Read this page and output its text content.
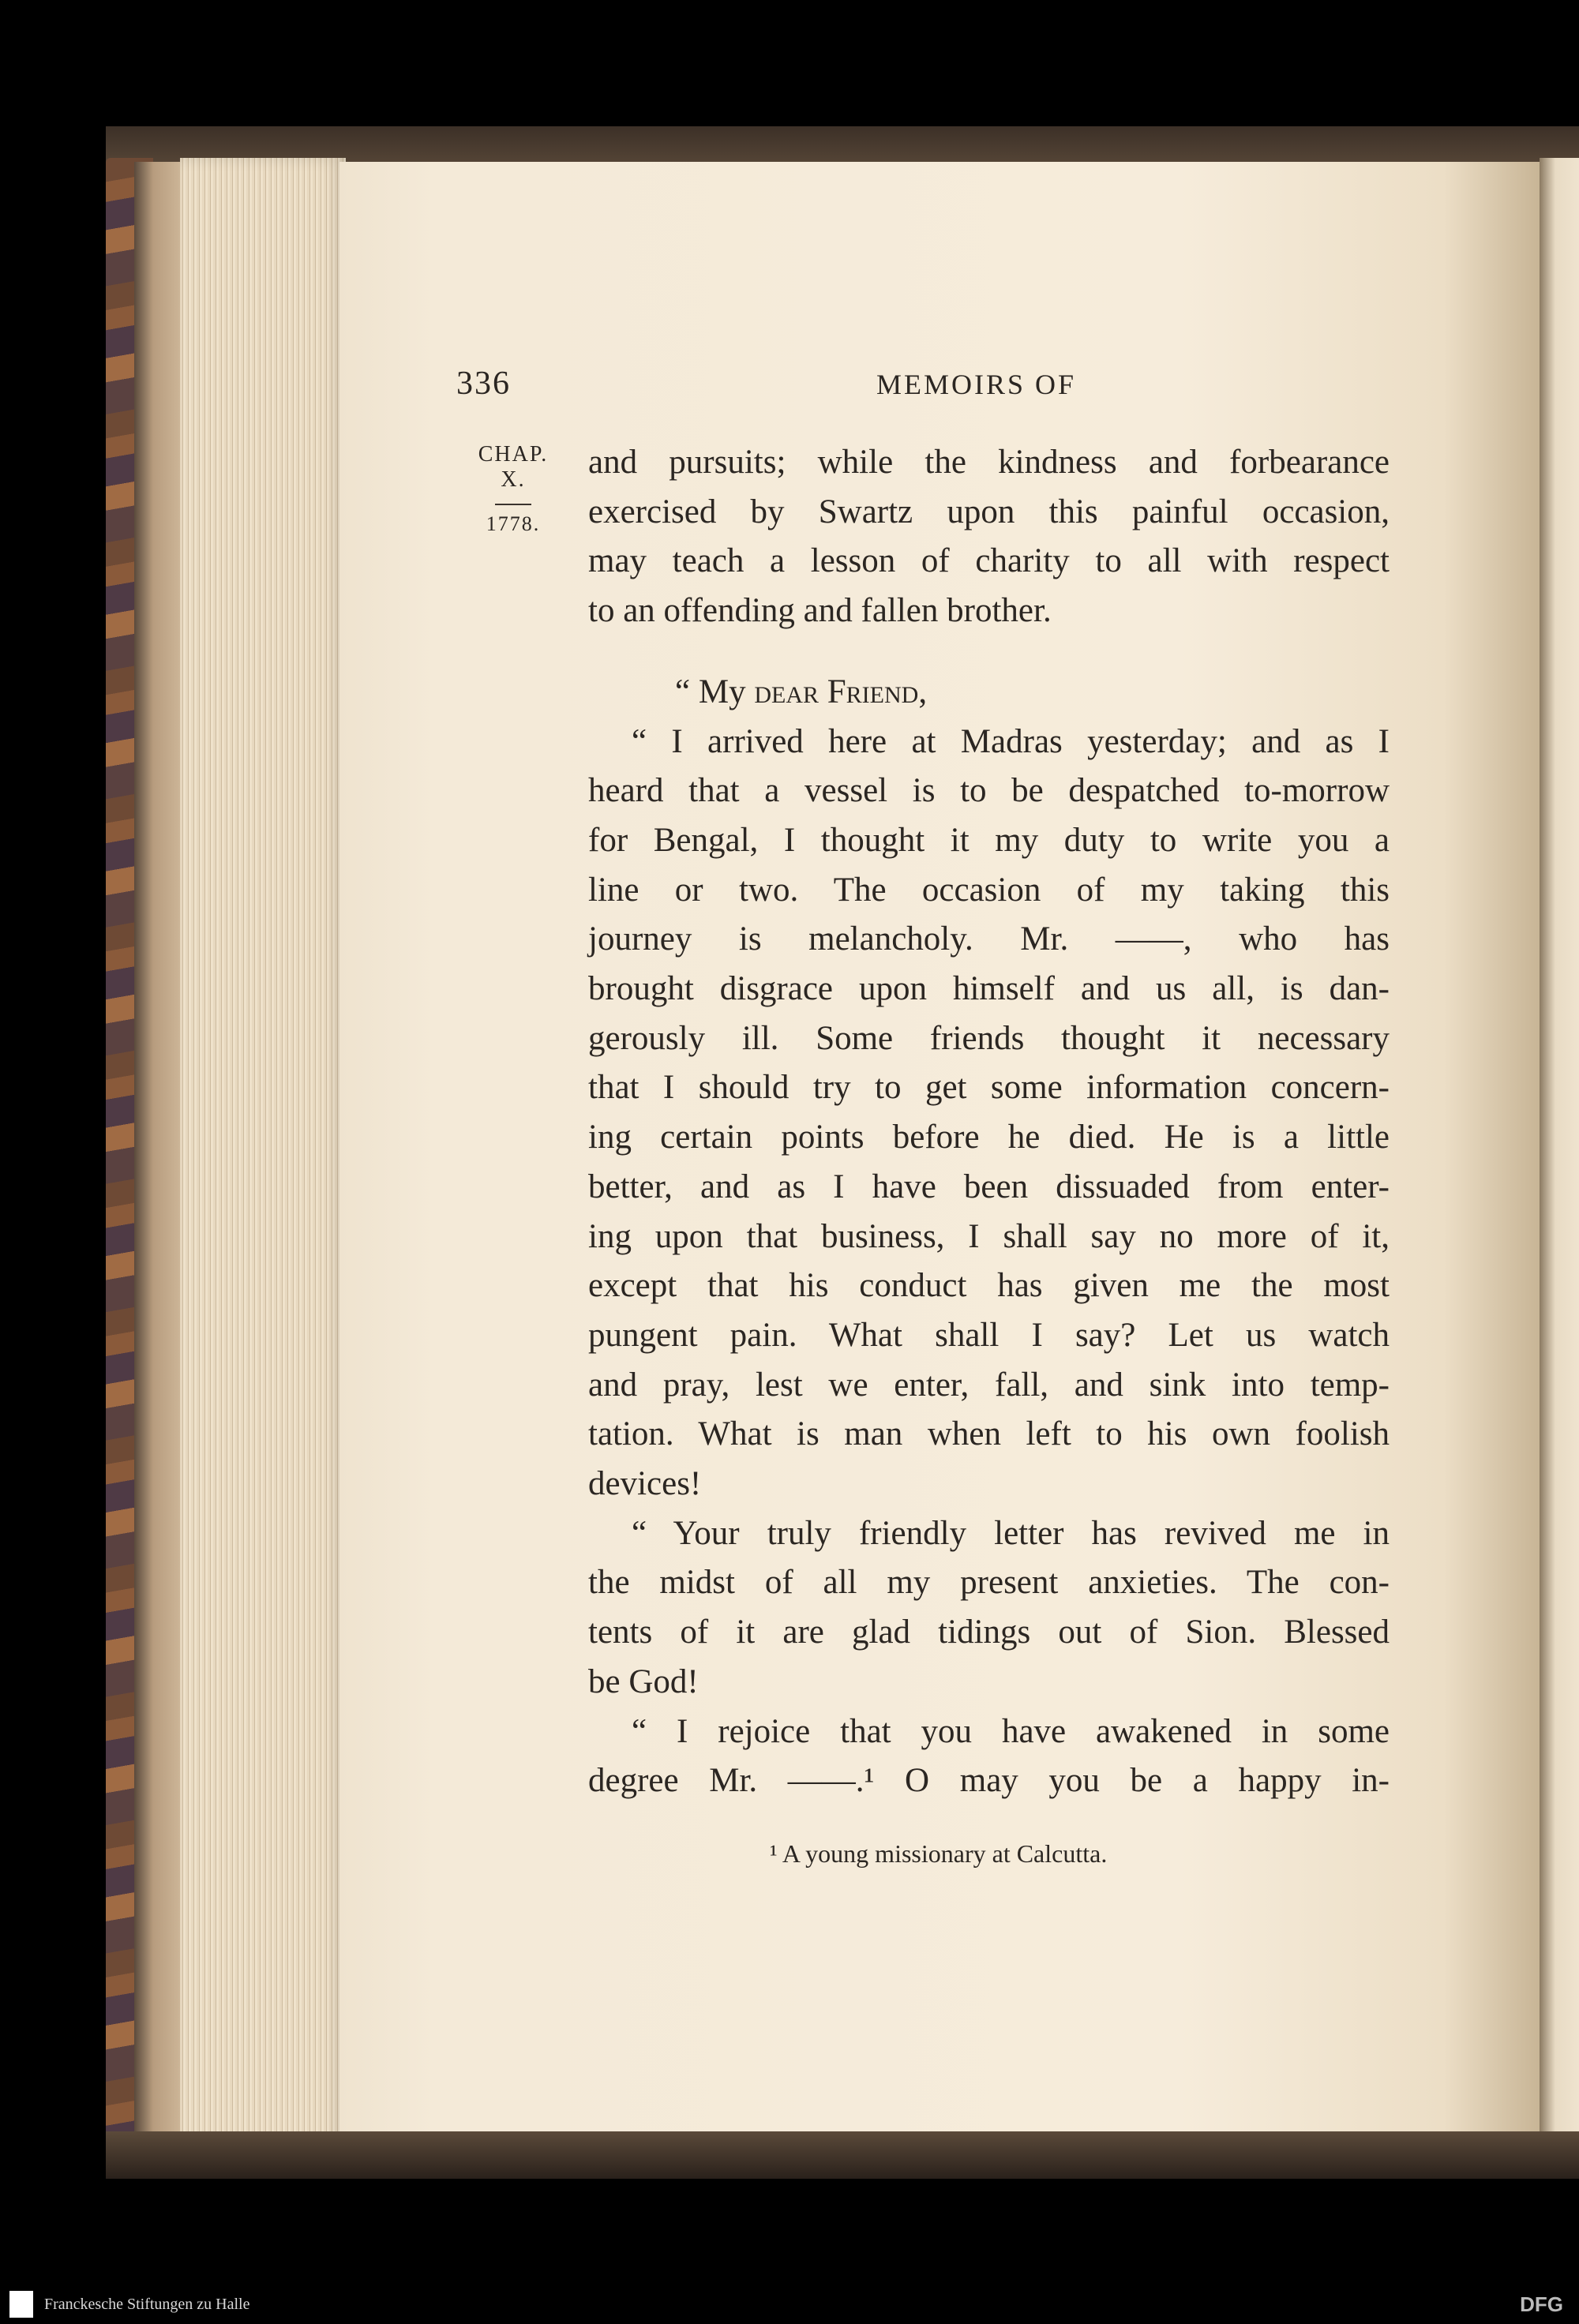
336	MEMOIRS OF
CHAP.
X.
1778.

and pursuits; while the kindness and forbearance
exercised by Swartz upon this painful occasion,
may teach a lesson of charity to all with respect
to an offending and fallen brother.

“ My dear Friend,

“ I arrived here at Madras yesterday; and as I
heard that a vessel is to be despatched to-morrow
for Bengal, I thought it my duty to write you a
line or two. The occasion of my taking this
journey is melancholy. Mr. ——, who has
brought disgrace upon himself and us all, is dan-
gerously ill. Some friends thought it necessary
that I should try to get some information concern-
ing certain points before he died. He is a little
better, and as I have been dissuaded from enter-
ing upon that business, I shall say no more of it,
except that his conduct has given me the most
pungent pain. What shall I say? Let us watch
and pray, lest we enter, fall, and sink into temp-
tation. What is man when left to his own foolish
devices!

“ Your truly friendly letter has revived me in
the midst of all my present anxieties. The con-
tents of it are glad tidings out of Sion. Blessed
be God!

“ I rejoice that you have awakened in some
degree Mr. ——.¹ O may you be a happy in-

¹ A young missionary at Calcutta.
Franckesche Stiftungen zu Halle	DFG
